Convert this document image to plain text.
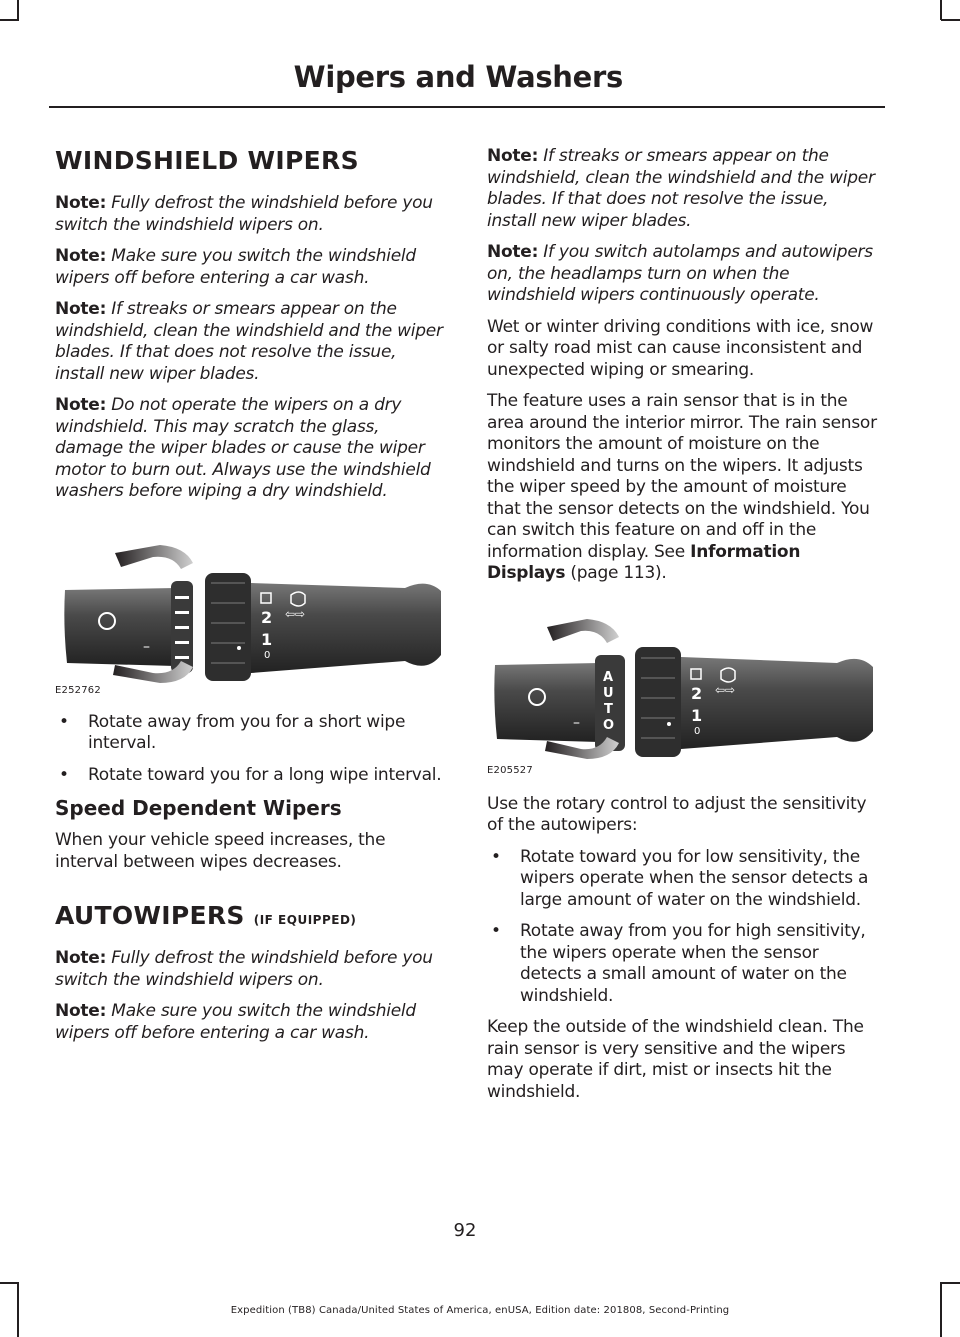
Wipers and Washers
WINDSHIELD WIPERS

Note: Fully defrost the windshield before you switch the windshield wipers on.

Note: Make sure you switch the windshield wipers off before entering a car wash.

Note: If streaks or smears appear on the windshield, clean the windshield and the wiper blades. If that does not resolve the issue, install new wiper blades.

Note: Do not operate the wipers on a dry windshield. This may scratch the glass, damage the wiper blades or cause the wiper motor to burn out. Always use the windshield washers before wiping a dry windshield.

2
1
0
–
⇦⇨
E252762
• Rotate away from you for a short wipe interval.
• Rotate toward you for a long wipe interval.
Speed Dependent Wipers

When your vehicle speed increases, the interval between wipes decreases.

AUTOWIPERS (IF EQUIPPED)

Note: Fully defrost the windshield before you switch the windshield wipers on.

Note: Make sure you switch the windshield wipers off before entering a car wash.

Note: If streaks or smears appear on the windshield, clean the windshield and the wiper blades. If that does not resolve the issue, install new wiper blades.

Note: If you switch autolamps and autowipers on, the headlamps turn on when the windshield wipers continuously operate.

Wet or winter driving conditions with ice, snow or salty road mist can cause inconsistent and unexpected wiping or smearing.

The feature uses a rain sensor that is in the area around the interior mirror. The rain sensor monitors the amount of moisture on the windshield and turns on the wipers. It adjusts the wiper speed by the amount of moisture that the sensor detects on the windshield. You can switch this feature on and off in the information display. See Information Displays (page 113).

A
U
T
O
2
1
0
–
⇦⇨
E205527

Use the rotary control to adjust the sensitivity of the autowipers:

• Rotate toward you for low sensitivity, the wipers operate when the sensor detects a large amount of water on the windshield.
• Rotate away from you for high sensitivity, the wipers operate when the sensor detects a small amount of water on the windshield.

Keep the outside of the windshield clean. The rain sensor is very sensitive and the wipers may operate if dirt, mist or insects hit the windshield.

92
Expedition (TB8) Canada/United States of America, enUSA, Edition date: 201808, Second-Printing
